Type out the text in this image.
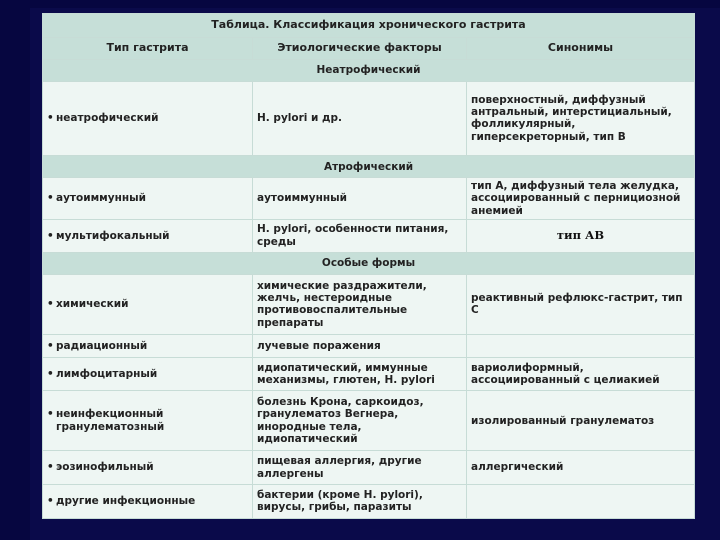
Таблица. Классификация хронического гастрита		
Тип гастрита	Этиологические факторы	Синонимы
Неатрофический		
• неатрофический	H. pylori и др.	поверхностный, диффузный антральный, интерстициальный, фолликулярный, гиперсекреторный, тип В
Атрофический		
• аутоиммунный	аутоиммунный	тип А, диффузный тела желудка, ассоциированный с пернициозной анемией
• мультифокальный	H. pylori, особенности питания, среды	тип АВ
Особые формы		
• химический	химические раздражители, желчь, нестероидные противовоспалительные препараты	реактивный рефлюкс-гастрит, тип С
• радиационный	лучевые поражения	
• лимфоцитарный	идиопатический, иммунные механизмы, глютен, H. pylori	вариолиформный, ассоциированный с целиакией
• неинфекционный
гранулематозный	болезнь Крона, саркоидоз, гранулематоз Вегнера, инородные тела, идиопатический	изолированный гранулематоз
• эозинофильный	пищевая аллергия, другие аллергены	аллергический
• другие инфекционные	бактерии (кроме H. pylori), вирусы, грибы, паразиты	
